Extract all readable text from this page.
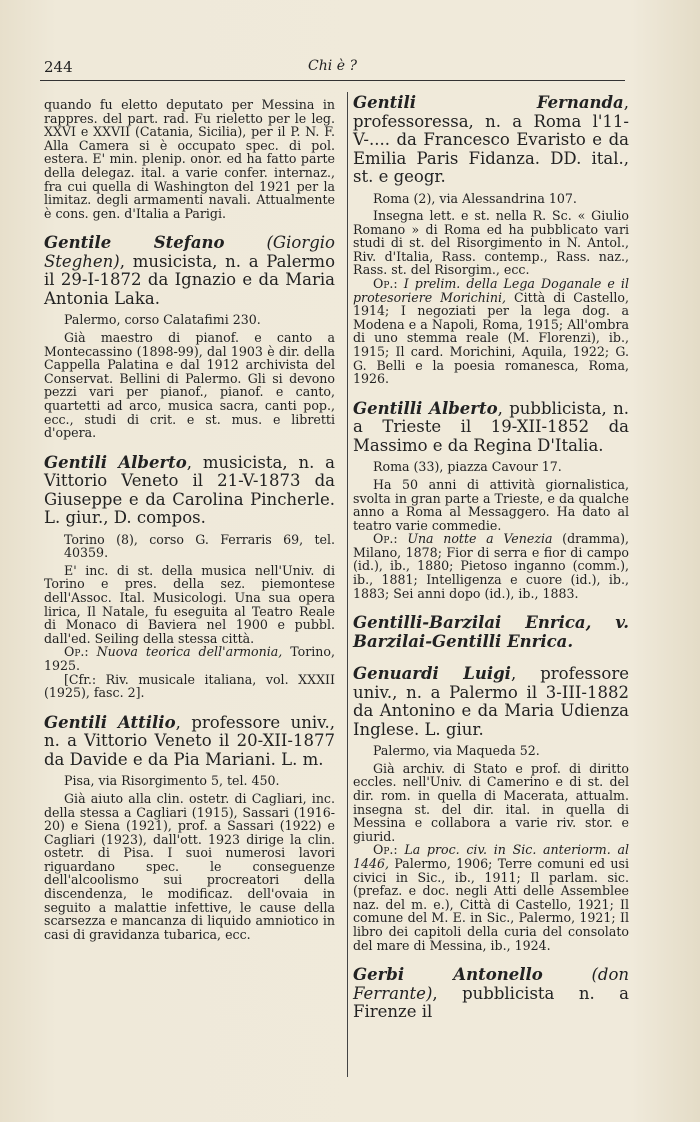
244	Chi è ?

quando fu eletto deputato per Messina in rappres. del part. rad. Fu rieletto per le leg. XXVI e XXVII (Catania, Sicilia), per il P. N. F. Alla Camera si è occupato spec. di pol. estera. E' min. plenip. onor. ed ha fatto parte della delegaz. ital. a varie confer. internaz., fra cui quella di Washington del 1921 per la limitaz. degli armamenti navali. Attualmente è cons. gen. d'Italia a Parigi.

Gentile Stefano	(Giorgio Steghen), musicista, n. a Palermo il 29-I-1872 da Ignazio e da Maria Antonia Laka.
Palermo, corso Calatafimi 230.

Già maestro di pianof. e canto a Montecassino (1898-99), dal 1903 è dir. della Cappella Palatina e dal 1912 archivista del Conservat. Bellini di Palermo. Gli si devono pezzi vari per pianof., pianof. e canto, quartetti ad arco, musica sacra, canti pop., ecc., studi di crit. e st. mus. e libretti d'opera.

Gentili Alberto, musicista, n. a Vittorio Veneto il 21-V-1873 da Giuseppe e da Carolina Pincherle. L. giur., D. compos.
Torino (8), corso G. Ferraris 69, tel. 40359.

E' inc. di st. della musica nell'Univ. di Torino e pres. della sez. piemontese dell'Assoc. Ital. Musicologi. Una sua opera lirica, Il Natale, fu eseguita al Teatro Reale di Monaco di Baviera nel 1900 e pubbl. dall'ed. Seiling della stessa città.

Op.: Nuova teorica dell'armonia, Torino, 1925.

[Cfr.: Riv. musicale italiana, vol. XXXII (1925), fasc. 2].

Gentili Attilio, professore univ., n. a Vittorio Veneto il 20-XII-1877 da Davide e da Pia Mariani. L. m.
Pisa, via Risorgimento 5, tel. 450.

Già aiuto alla clin. ostetr. di Cagliari, inc. della stessa a Cagliari (1915), Sassari (1916-20) e Siena (1921), prof. a Sassari (1922) e Cagliari (1923), dall'ott. 1923 dirige la clin. ostetr. di Pisa. I suoi numerosi lavori riguardano spec. le conseguenze dell'alcoolismo sui procreatori della discendenza, le modificaz. dell'ovaia in seguito a malattie infettive, le cause della scarsezza e mancanza di liquido amniotico in casi di gravidanza tubarica, ecc.

Gentili Fernanda, professoressa, n. a Roma l'11-V-.... da Francesco Evaristo e da Emilia Paris Fidanza. DD. ital., st. e geogr.
Roma (2), via Alessandrina 107.

Insegna lett. e st. nella R. Sc. « Giulio Romano » di Roma ed ha pubblicato vari studi di st. del Risorgimento in N. Antol., Riv. d'Italia, Rass. contemp., Rass. naz., Rass. st. del Risorgim., ecc.

Op.: I prelim. della Lega Doganale e il protesoriere Morichini, Città di Castello, 1914; I negoziati per la lega dog. a Modena e a Napoli, Roma, 1915; All'ombra di uno stemma reale (M. Florenzi), ib., 1915; Il card. Morichini, Aquila, 1922; G. G. Belli e la poesia romanesca, Roma, 1926.

Gentilli Alberto, pubblicista, n. a Trieste il 19-XII-1852 da Massimo e da Regina D'Italia.
Roma (33), piazza Cavour 17.

Ha 50 anni di attività giornalistica, svolta in gran parte a Trieste, e da qualche anno a Roma al Messaggero. Ha dato al teatro varie commedie.

Op.: Una notte a Venezia (dramma), Milano, 1878; Fior di serra e fior di campo (id.), ib., 1880; Pietoso inganno (comm.), ib., 1881; Intelligenza e cuore (id.), ib., 1883; Sei anni dopo (id.), ib., 1883.

Gentilli-Barzilai Enrica, v. Barzilai-Gentilli Enrica.
Genuardi Luigi, professore univ., n. a Palermo il 3-III-1882 da Antonino e da Maria Udienza Inglese. L. giur.
Palermo, via Maqueda 52.

Già archiv. di Stato e prof. di diritto eccles. nell'Univ. di Camerino e di st. del dir. rom. in quella di Macerata, attualm. insegna st. del dir. ital. in quella di Messina e collabora a varie riv. stor. e giurid.

Op.: La proc. civ. in Sic. anteriorm. al 1446, Palermo, 1906; Terre comuni ed usi civici in Sic., ib., 1911; Il parlam. sic. (prefaz. e doc. negli Atti delle Assemblee naz. del m. e.), Città di Castello, 1921; Il comune del M. E. in Sic., Palermo, 1921; Il libro dei capitoli della curia del consolato del mare di Messina, ib., 1924.

Gerbi Antonello	(don Ferrante), pubblicista n. a Firenze il
